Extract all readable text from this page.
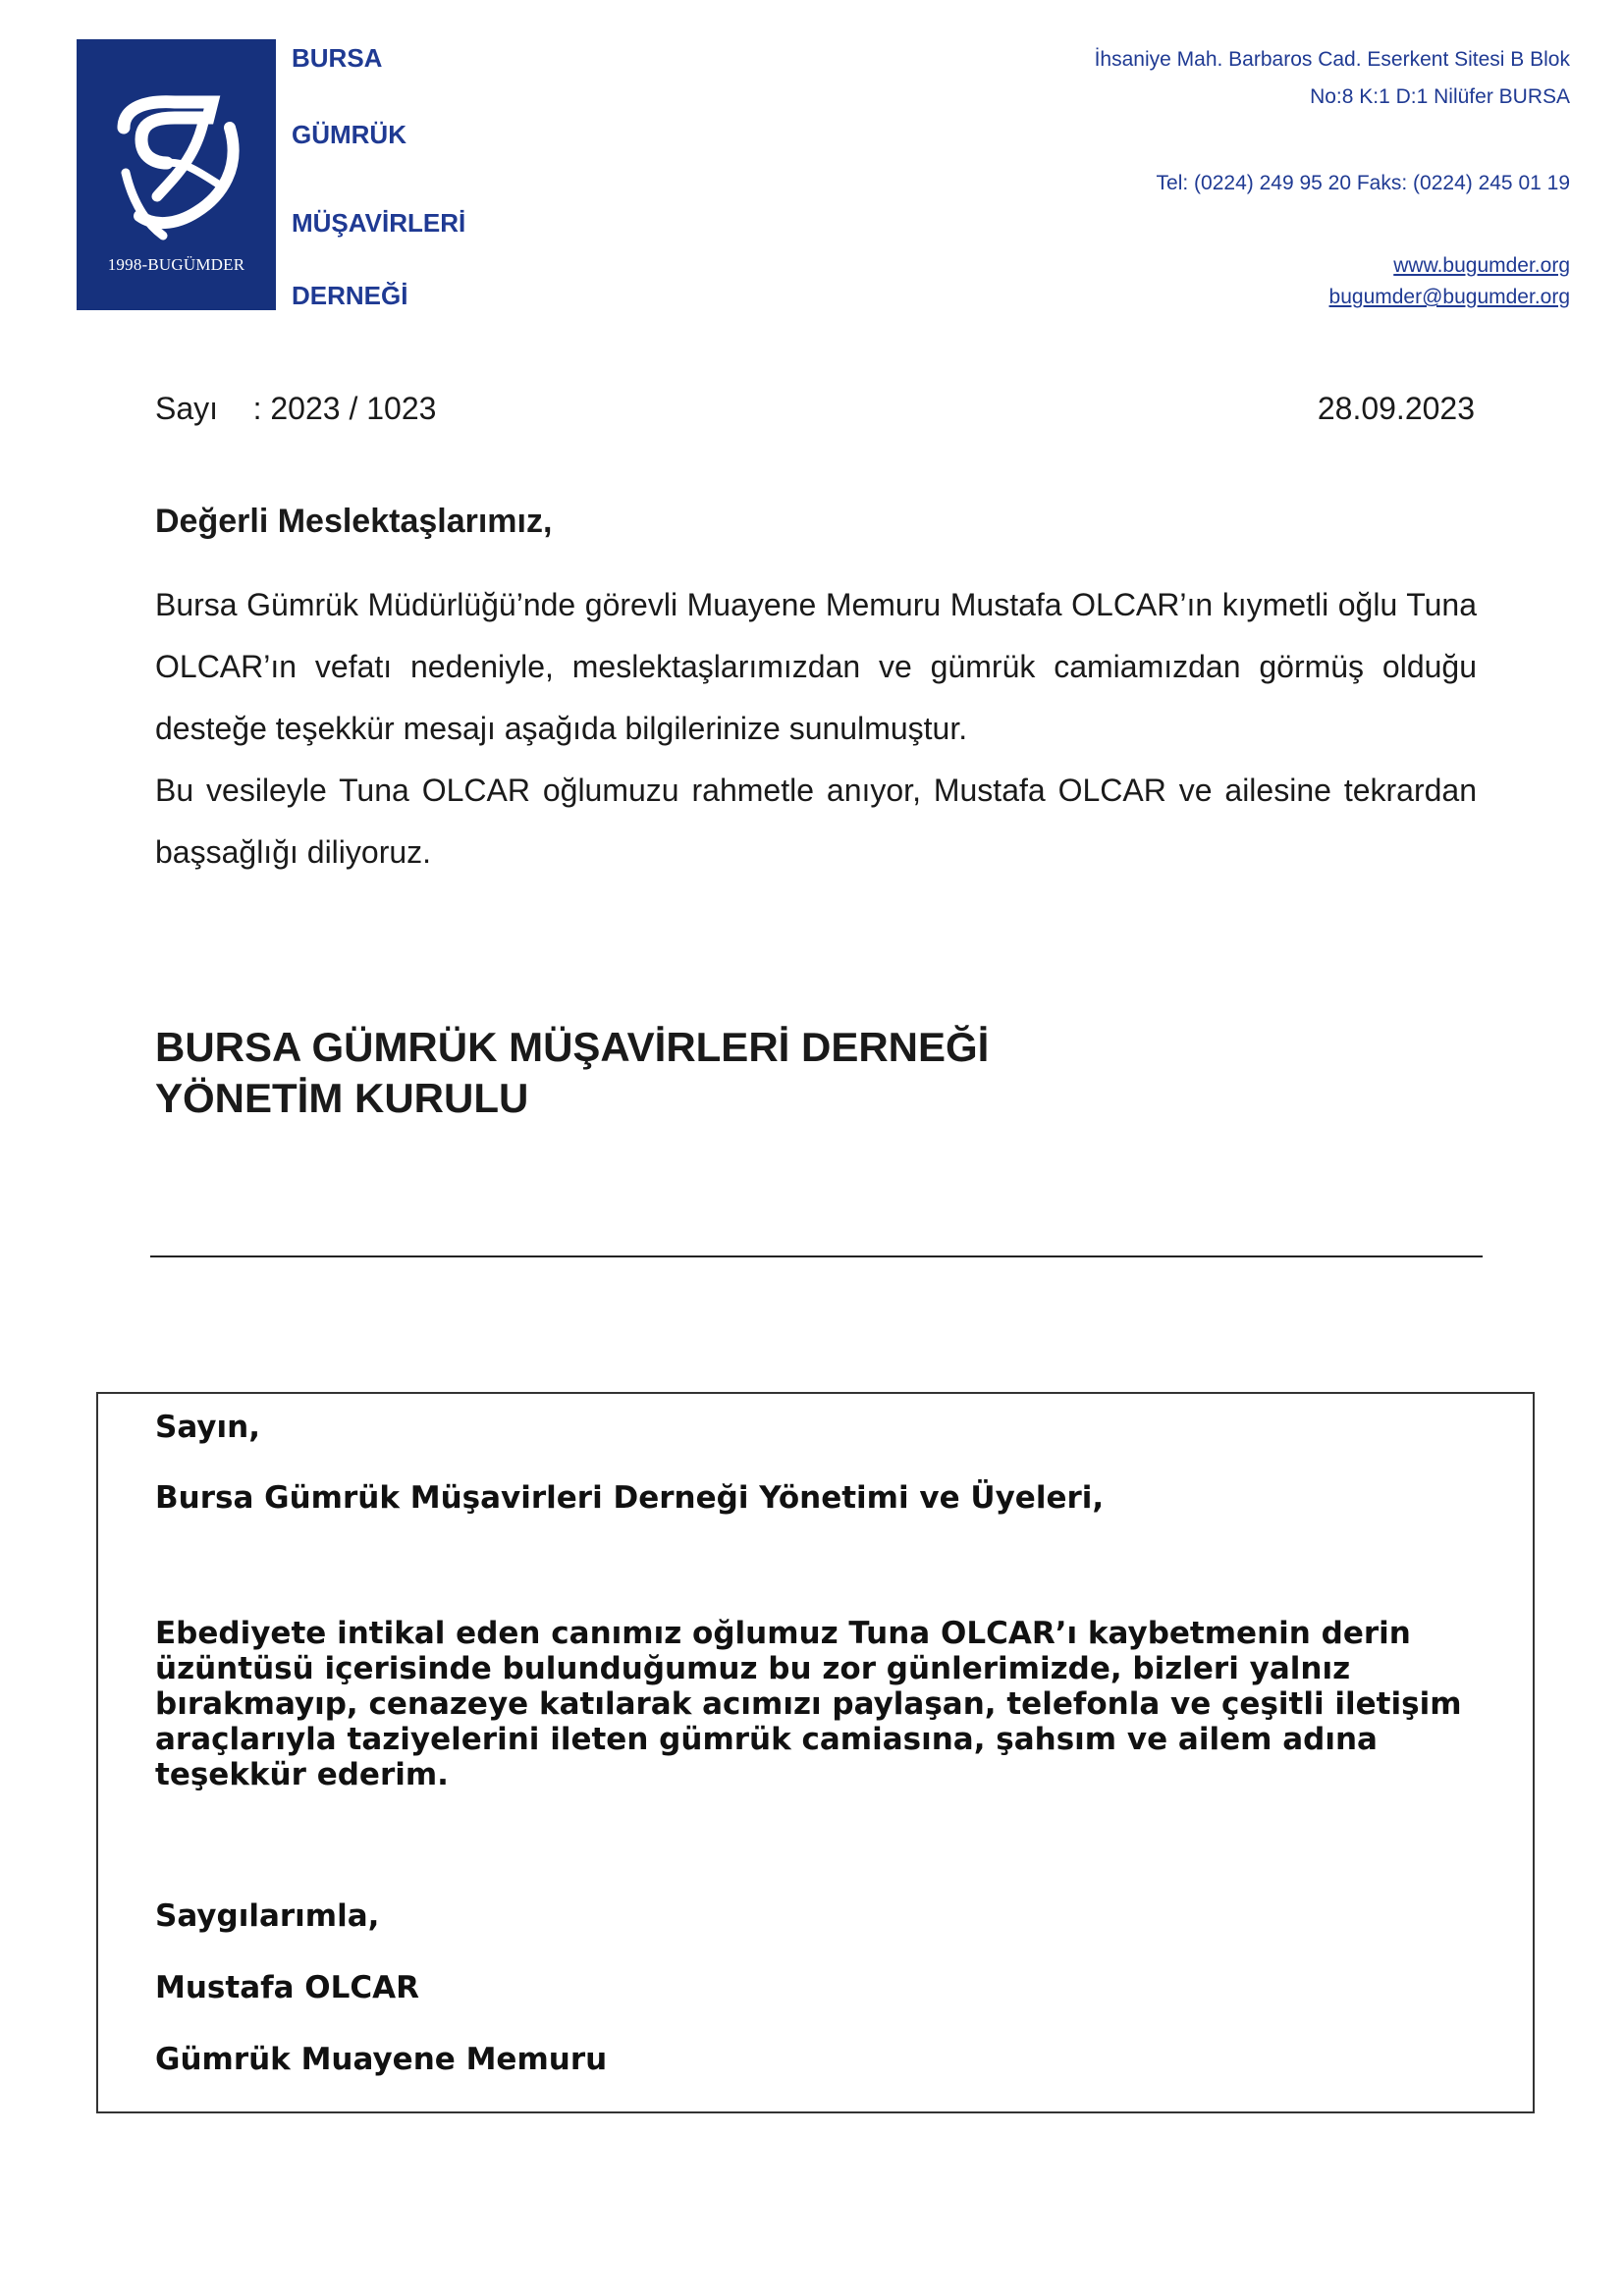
1998-BUGÜMDER
BURSA
GÜMRÜK
MÜŞAVİRLERİ
DERNEĞİ
İhsaniye Mah. Barbaros Cad. Eserkent Sitesi B Blok
No:8 K:1 D:1 Nilüfer BURSA
Tel: (0224) 249 95 20 Faks: (0224) 245 01 19
www.bugumder.org
bugumder@bugumder.org
Sayı    : 2023 / 1023	28.09.2023
Değerli Meslektaşlarımız,

Bursa Gümrük Müdürlüğü’nde görevli Muayene Memuru Mustafa OLCAR’ın kıymetli oğlu Tuna OLCAR’ın vefatı nedeniyle, meslektaşlarımızdan ve gümrük camiamızdan görmüş olduğu desteğe teşekkür mesajı aşağıda bilgilerinize sunulmuştur.

Bu vesileyle Tuna OLCAR oğlumuzu rahmetle anıyor, Mustafa OLCAR ve ailesine tekrardan başsağlığı diliyoruz.

BURSA GÜMRÜK MÜŞAVİRLERİ DERNEĞİ
YÖNETİM KURULU
Sayın,
Bursa Gümrük Müşavirleri Derneği Yönetimi ve Üyeleri,
Ebediyete intikal eden canımız oğlumuz Tuna OLCAR’ı kaybetmenin derin üzüntüsü içerisinde bulunduğumuz bu zor günlerimizde, bizleri yalnız bırakmayıp, cenazeye katılarak acımızı paylaşan, telefonla ve çeşitli iletişim araçlarıyla taziyelerini ileten gümrük camiasına, şahsım ve ailem adına teşekkür ederim.
Saygılarımla,
Mustafa OLCAR
Gümrük Muayene Memuru
